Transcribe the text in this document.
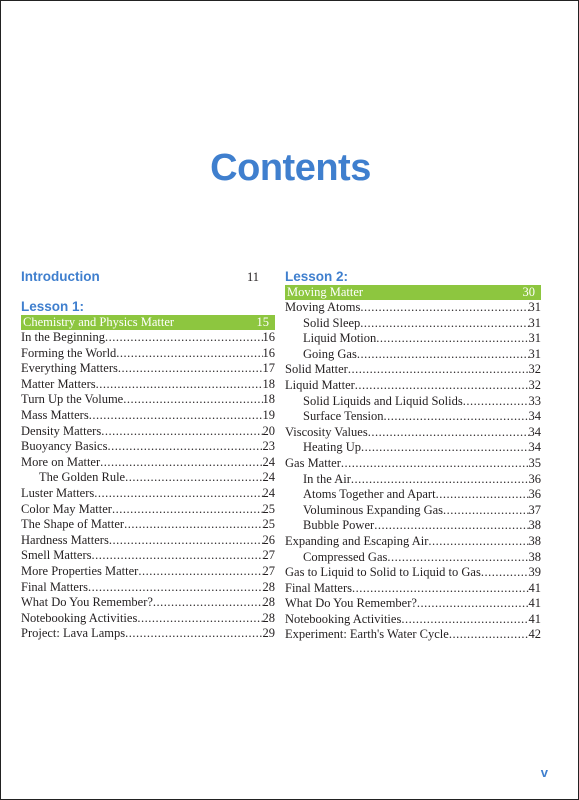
Contents
Introduction	11
Lesson 1:
Chemistry and Physics Matter	15
In the Beginning .....	16
Forming the World .....	16
Everything Matters .....	17
Matter Matters .....	18
Turn Up the Volume .....	18
Mass Matters .....	19
Density Matters .....	20
Buoyancy Basics .....	23
More on Matter .....	24
The Golden Rule .....	24
Luster Matters .....	24
Color May Matter .....	25
The Shape of Matter .....	25
Hardness Matters .....	26
Smell Matters .....	27
More Properties Matter .....	27
Final Matters .....	28
What Do You Remember? .....	28
Notebooking Activities .....	28
Project: Lava Lamps .....	29
Lesson 2:
Moving Matter	30
Moving Atoms .....	31
Solid Sleep .....	31
Liquid Motion .....	31
Going Gas .....	31
Solid Matter .....	32
Liquid Matter .....	32
Solid Liquids and Liquid Solids .....	33
Surface Tension .....	34
Viscosity Values .....	34
Heating Up .....	34
Gas Matter .....	35
In the Air .....	36
Atoms Together and Apart .....	36
Voluminous Expanding Gas .....	37
Bubble Power .....	38
Expanding and Escaping Air .....	38
Compressed Gas .....	38
Gas to Liquid to Solid to Liquid to Gas .....	39
Final Matters .....	41
What Do You Remember? .....	41
Notebooking Activities .....	41
Experiment: Earth's Water Cycle .....	42
v
